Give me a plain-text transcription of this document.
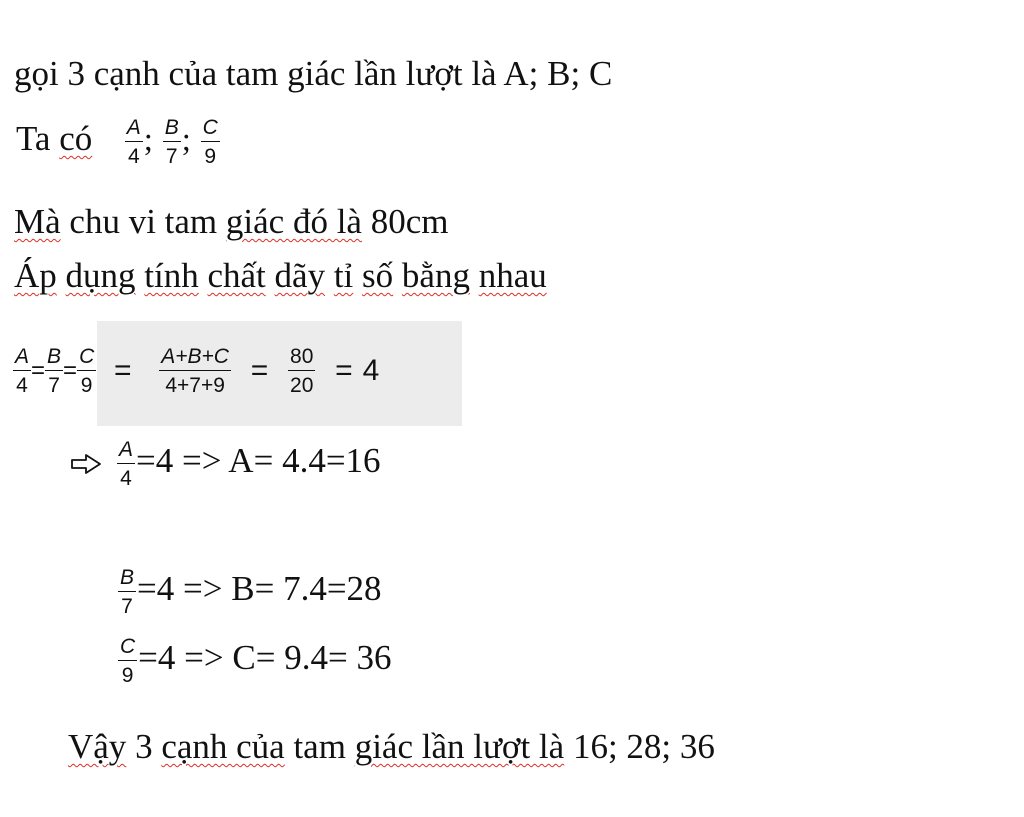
gọi 3 cạnh của tam giác lần lượt là A; B; C
Ta có $\frac{A}{4}$ ; $\frac{B}{7}$ ; $\frac{C}{9}$
Mà chu vi tam giác đó là 80cm
Áp dụng tính chất dãy tỉ số bằng nhau
$\frac{A}{4} = \frac{B}{7} = \frac{C}{9} = \frac{A+B+C}{4+7+9} = \frac{80}{20} = 4$
$\frac{A}{4} =4 => A= 4.4=16$
$\frac{B}{7} =4 => B= 7.4=28$
$\frac{C}{9} =4 => C= 9.4= 36$
Vậy 3 cạnh của tam giác lần lượt là 16; 28; 36
